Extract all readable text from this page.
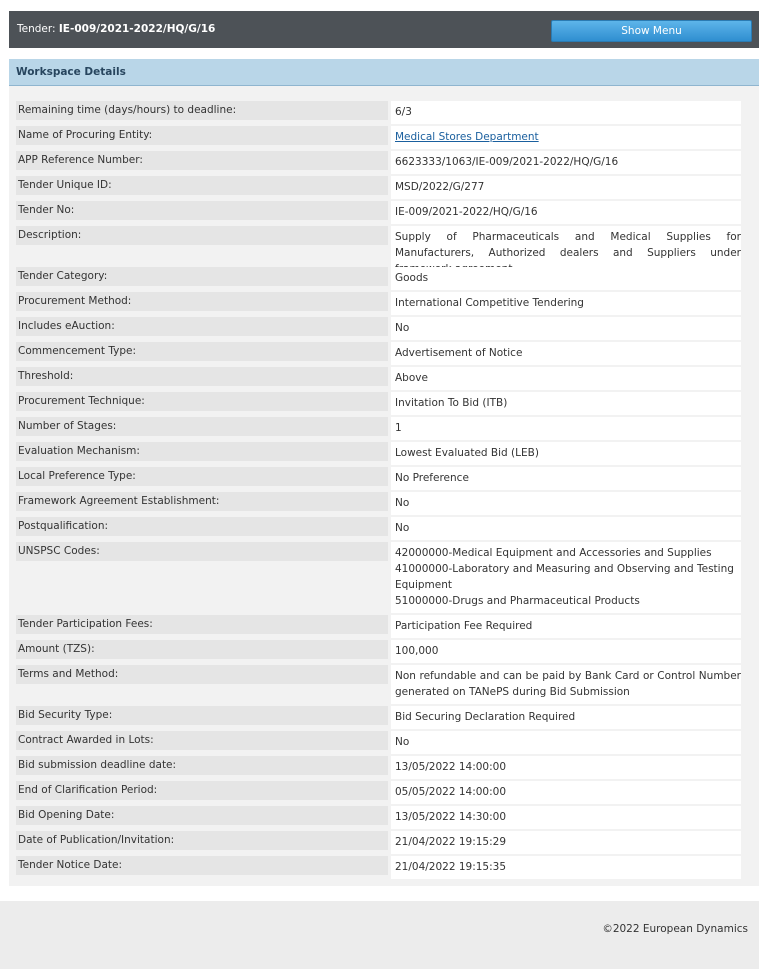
Tender: IE-009/2021-2022/HQ/G/16	Show Menu
Workspace Details
Remaining time (days/hours) to deadline:	6/3
Name of Procuring Entity:	Medical Stores Department
APP Reference Number:	6623333/1063/IE-009/2021-2022/HQ/G/16
Tender Unique ID:	MSD/2022/G/277
Tender No:	IE-009/2021-2022/HQ/G/16
Description:	Supply of Pharmaceuticals and Medical Supplies for Manufacturers, Authorized dealers and Suppliers under
Tender Category:	Goods
Procurement Method:	International Competitive Tendering
Includes eAuction:	No
Commencement Type:	Advertisement of Notice
Threshold:	Above
Procurement Technique:	Invitation To Bid (ITB)
Number of Stages:	1
Evaluation Mechanism:	Lowest Evaluated Bid (LEB)
Local Preference Type:	No Preference
Framework Agreement Establishment:	No
Postqualification:	No
UNSPSC Codes:	42000000-Medical Equipment and Accessories and Supplies
41000000-Laboratory and Measuring and Observing and Testing Equipment
51000000-Drugs and Pharmaceutical Products
Tender Participation Fees:	Participation Fee Required
Amount (TZS):	100,000
Terms and Method:	Non refundable and can be paid by Bank Card or Control Number generated on TANePS during Bid Submission
Bid Security Type:	Bid Securing Declaration Required
Contract Awarded in Lots:	No
Bid submission deadline date:	13/05/2022 14:00:00
End of Clarification Period:	05/05/2022 14:00:00
Bid Opening Date:	13/05/2022 14:30:00
Date of Publication/Invitation:	21/04/2022 19:15:29
Tender Notice Date:	21/04/2022 19:15:35
©2022 European Dynamics
